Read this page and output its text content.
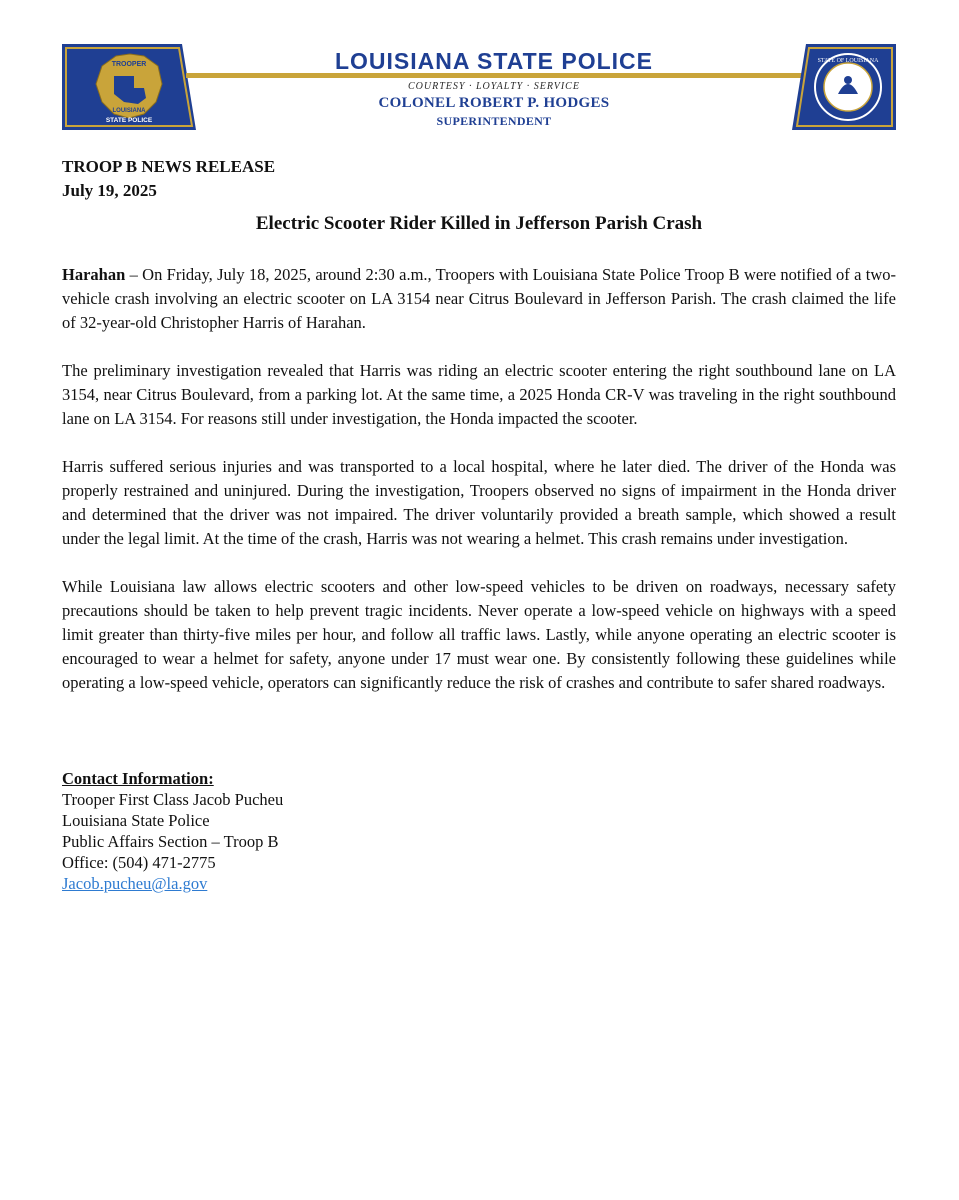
TROOPER
LOUISIANA
STATE POLICE
LOUISIANA STATE POLICE
COURTESY · LOYALTY · SERVICE
COLONEL ROBERT P. HODGES
SUPERINTENDENT
STATE OF LOUISIANA
TROOP B NEWS RELEASE
July 19, 2025
Electric Scooter Rider Killed in Jefferson Parish Crash

Harahan – On Friday, July 18, 2025, around 2:30 a.m., Troopers with Louisiana State Police Troop B were notified of a two-vehicle crash involving an electric scooter on LA 3154 near Citrus Boulevard in Jefferson Parish. The crash claimed the life of 32-year-old Christopher Harris of Harahan.

The preliminary investigation revealed that Harris was riding an electric scooter entering the right southbound lane on LA 3154, near Citrus Boulevard, from a parking lot. At the same time, a 2025 Honda CR-V was traveling in the right southbound lane on LA 3154. For reasons still under investigation, the Honda impacted the scooter.

Harris suffered serious injuries and was transported to a local hospital, where he later died. The driver of the Honda was properly restrained and uninjured. During the investigation, Troopers observed no signs of impairment in the Honda driver and determined that the driver was not impaired. The driver voluntarily provided a breath sample, which showed a result under the legal limit. At the time of the crash, Harris was not wearing a helmet. This crash remains under investigation.

While Louisiana law allows electric scooters and other low-speed vehicles to be driven on roadways, necessary safety precautions should be taken to help prevent tragic incidents. Never operate a low-speed vehicle on highways with a speed limit greater than thirty-five miles per hour, and follow all traffic laws. Lastly, while anyone operating an electric scooter is encouraged to wear a helmet for safety, anyone under 17 must wear one. By consistently following these guidelines while operating a low-speed vehicle, operators can significantly reduce the risk of crashes and contribute to safer shared roadways.

Contact Information:
Trooper First Class Jacob Pucheu
Louisiana State Police
Public Affairs Section – Troop B
Office: (504) 471-2775
Jacob.pucheu@la.gov
